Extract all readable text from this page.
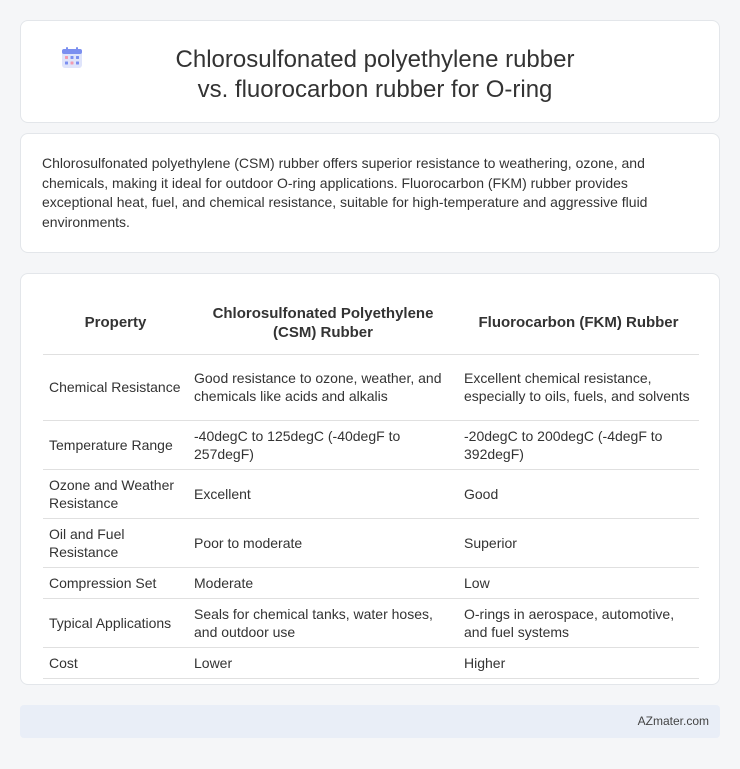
Chlorosulfonated polyethylene rubber vs. fluorocarbon rubber for O-ring

Chlorosulfonated polyethylene (CSM) rubber offers superior resistance to weathering, ozone, and chemicals, making it ideal for outdoor O-ring applications. Fluorocarbon (FKM) rubber provides exceptional heat, fuel, and chemical resistance, suitable for high-temperature and aggressive fluid environments.

Property	Chlorosulfonated Polyethylene (CSM) Rubber	Fluorocarbon (FKM) Rubber
Chemical Resistance	Good resistance to ozone, weather, and chemicals like acids and alkalis	Excellent chemical resistance, especially to oils, fuels, and solvents
Temperature Range	-40degC to 125degC (-40degF to 257degF)	-20degC to 200degC (-4degF to 392degF)
Ozone and Weather Resistance	Excellent	Good
Oil and Fuel Resistance	Poor to moderate	Superior
Compression Set	Moderate	Low
Typical Applications	Seals for chemical tanks, water hoses, and outdoor use	O-rings in aerospace, automotive, and fuel systems
Cost	Lower	Higher
AZmater.com
